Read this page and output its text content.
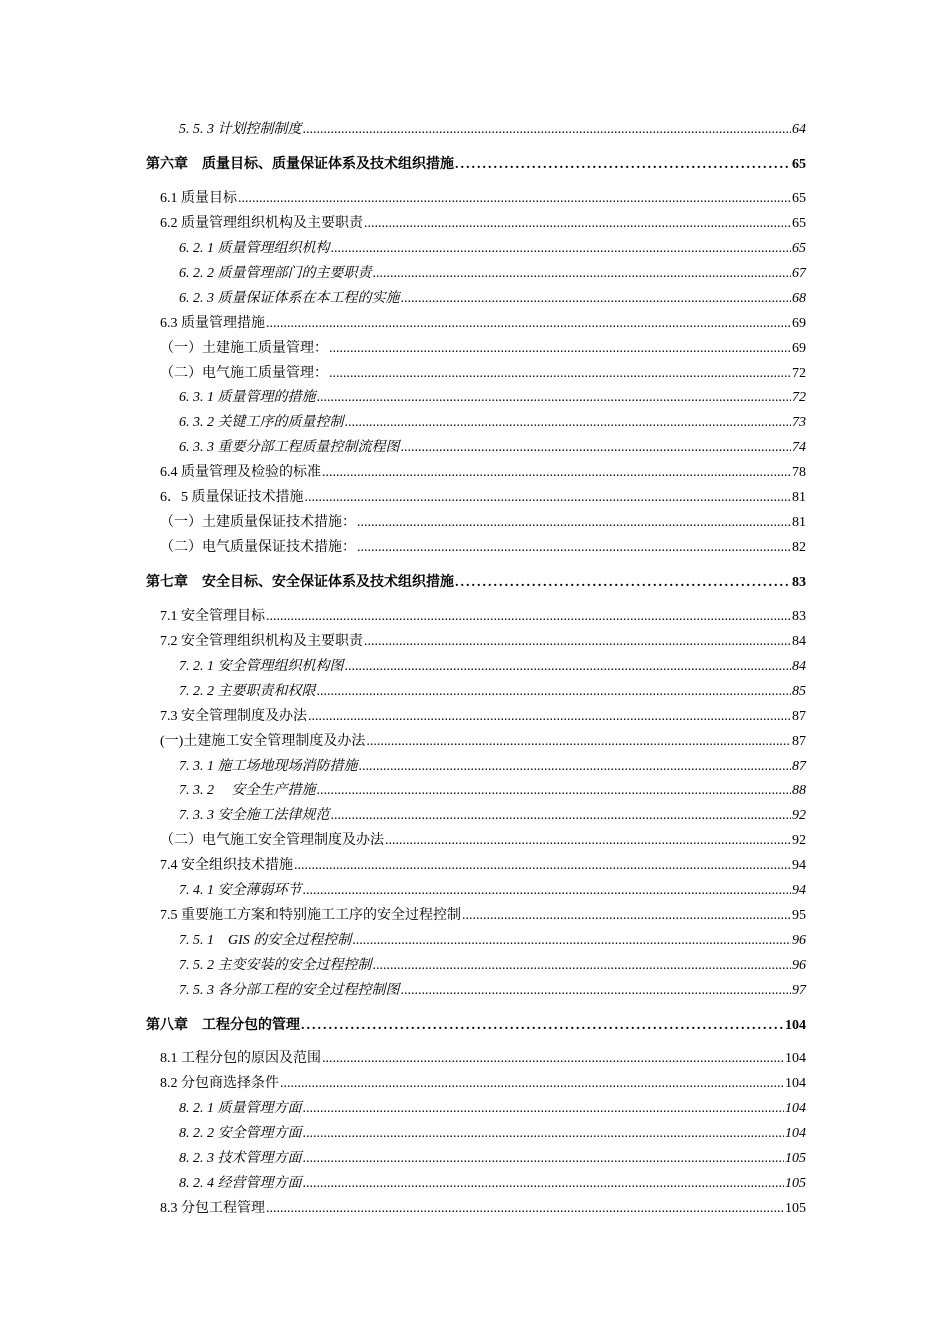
5. 5. 3 计划控制制度 .....	64
第六章　质量目标、质量保证体系及技术组织措施 .....	65
6.1 质量目标 .....	65
6.2 质量管理组织机构及主要职责 .....	65
6. 2. 1 质量管理组织机构 .....	65
6. 2. 2 质量管理部门的主要职责 .....	67
6. 2. 3 质量保证体系在本工程的实施 .....	68
6.3 质量管理措施 .....	69
（一）土建施工质量管理： .....	69
（二）电气施工质量管理： .....	72
6. 3. 1 质量管理的措施 .....	72
6. 3. 2 关键工序的质量控制 .....	73
6. 3. 3 重要分部工程质量控制流程图 .....	74
6.4 质量管理及检验的标准 .....	78
6．5 质量保证技术措施 .....	81
（一）土建质量保证技术措施： .....	81
（二）电气质量保证技术措施： .....	82
第七章　安全目标、安全保证体系及技术组织措施 .....	83
7.1 安全管理目标 .....	83
7.2 安全管理组织机构及主要职责 .....	84
7. 2. 1 安全管理组织机构图 .....	84
7. 2. 2 主要职责和权限 .....	85
7.3 安全管理制度及办法 .....	87
(一)土建施工安全管理制度及办法 .....	87
7. 3. 1 施工场地现场消防措施 .....	87
7. 3. 2　 安全生产措施 .....	88
7. 3. 3 安全施工法律规范 .....	92
（二）电气施工安全管理制度及办法 .....	92
7.4 安全组织技术措施 .....	94
7. 4. 1 安全薄弱环节 .....	94
7.5 重要施工方案和特别施工工序的安全过程控制 .....	95
7. 5. 1　GIS 的安全过程控制 .....	96
7. 5. 2 主变安装的安全过程控制 .....	96
7. 5. 3 各分部工程的安全过程控制图 .....	97
第八章　工程分包的管理 .....	104
8.1 工程分包的原因及范围 .....	104
8.2 分包商选择条件 .....	104
8. 2. 1 质量管理方面 .....	104
8. 2. 2 安全管理方面 .....	104
8. 2. 3 技术管理方面 .....	105
8. 2. 4 经营管理方面 .....	105
8.3 分包工程管理 .....	105
